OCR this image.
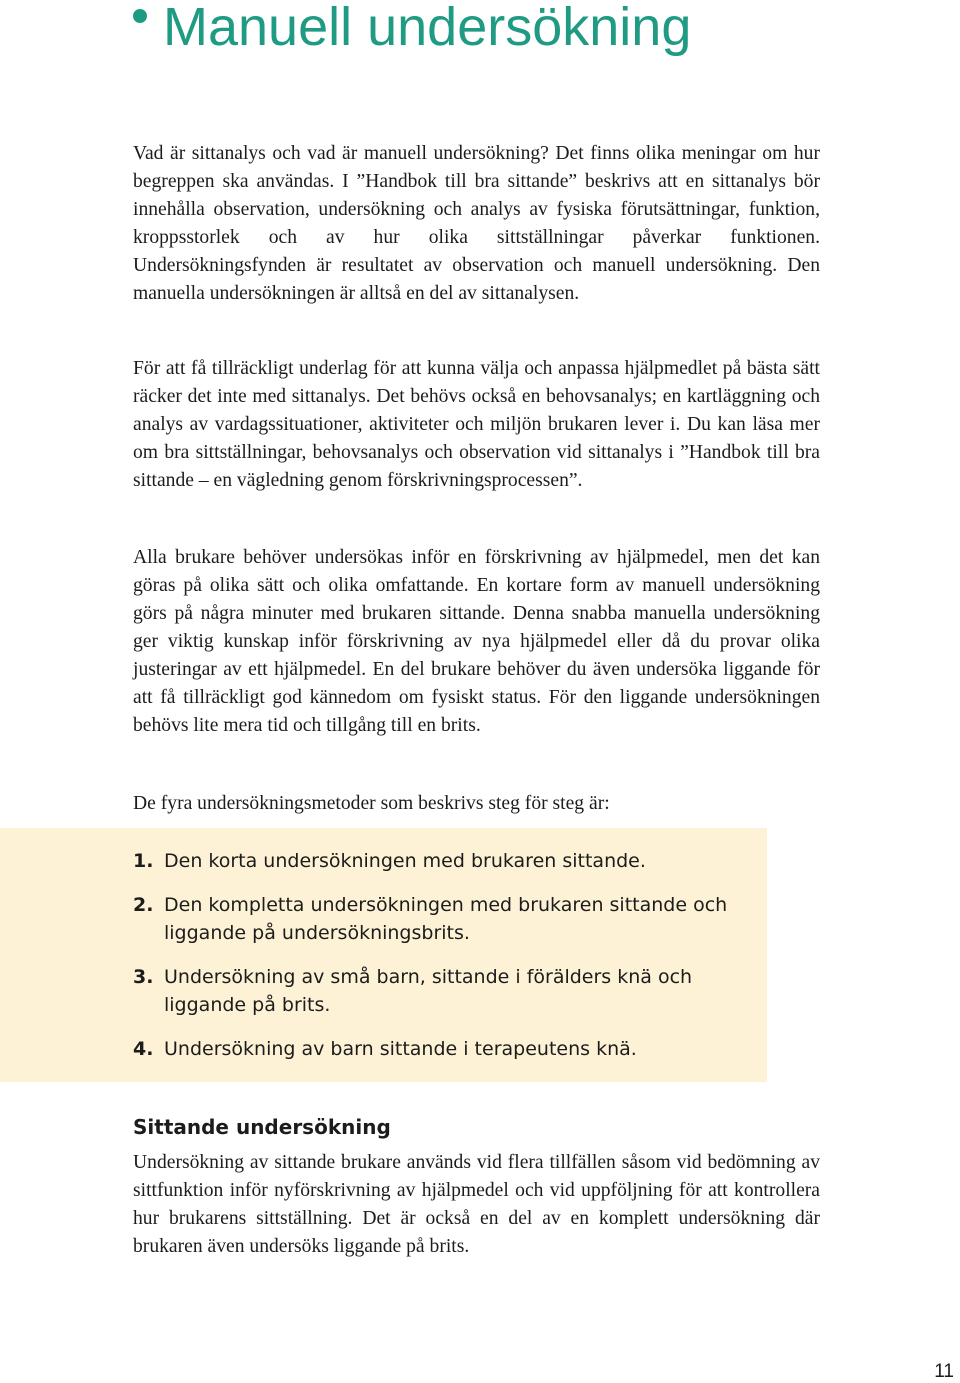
Manuell undersökning

Vad är sittanalys och vad är manuell undersökning? Det finns olika meningar om hur begreppen ska användas. I ”Handbok till bra sittande” beskrivs att en sittanalys bör innehålla observation, undersökning och analys av fysiska förutsättningar, funktion, kroppsstorlek och av hur olika sittställningar påverkar funktionen. Undersökningsfynden är resultatet av observation och manuell undersökning. Den manuella undersökningen är alltså en del av sittanalysen.

För att få tillräckligt underlag för att kunna välja och anpassa hjälpmedlet på bästa sätt räcker det inte med sittanalys. Det behövs också en behovsanalys; en kartläggning och analys av vardagssituationer, aktiviteter och miljön brukaren lever i. Du kan läsa mer om bra sittställningar, behovsanalys och observation vid sittanalys i ”Handbok till bra sittande – en vägledning genom förskrivningsprocessen”.

Alla brukare behöver undersökas inför en förskrivning av hjälpmedel, men det kan göras på olika sätt och olika omfattande. En kortare form av manuell undersökning görs på några minuter med brukaren sittande. Denna snabba manuella undersökning ger viktig kunskap inför förskrivning av nya hjälpmedel eller då du provar olika justeringar av ett hjälpmedel. En del brukare behöver du även undersöka liggande för att få tillräckligt god kännedom om fysiskt status. För den liggande undersökningen behövs lite mera tid och tillgång till en brits.

De fyra undersökningsmetoder som beskrivs steg för steg är:

1. Den korta undersökningen med brukaren sittande.
2. Den kompletta undersökningen med brukaren sittande och liggande på undersökningsbrits.
3. Undersökning av små barn, sittande i förälders knä och liggande på brits.
4. Undersökning av barn sittande i terapeutens knä.
Sittande undersökning

Undersökning av sittande brukare används vid flera tillfällen såsom vid bedömning av sittfunktion inför nyförskrivning av hjälpmedel och vid uppföljning för att kontrollera hur brukarens sittställning. Det är också en del av en komplett undersökning där brukaren även undersöks liggande på brits.

11
